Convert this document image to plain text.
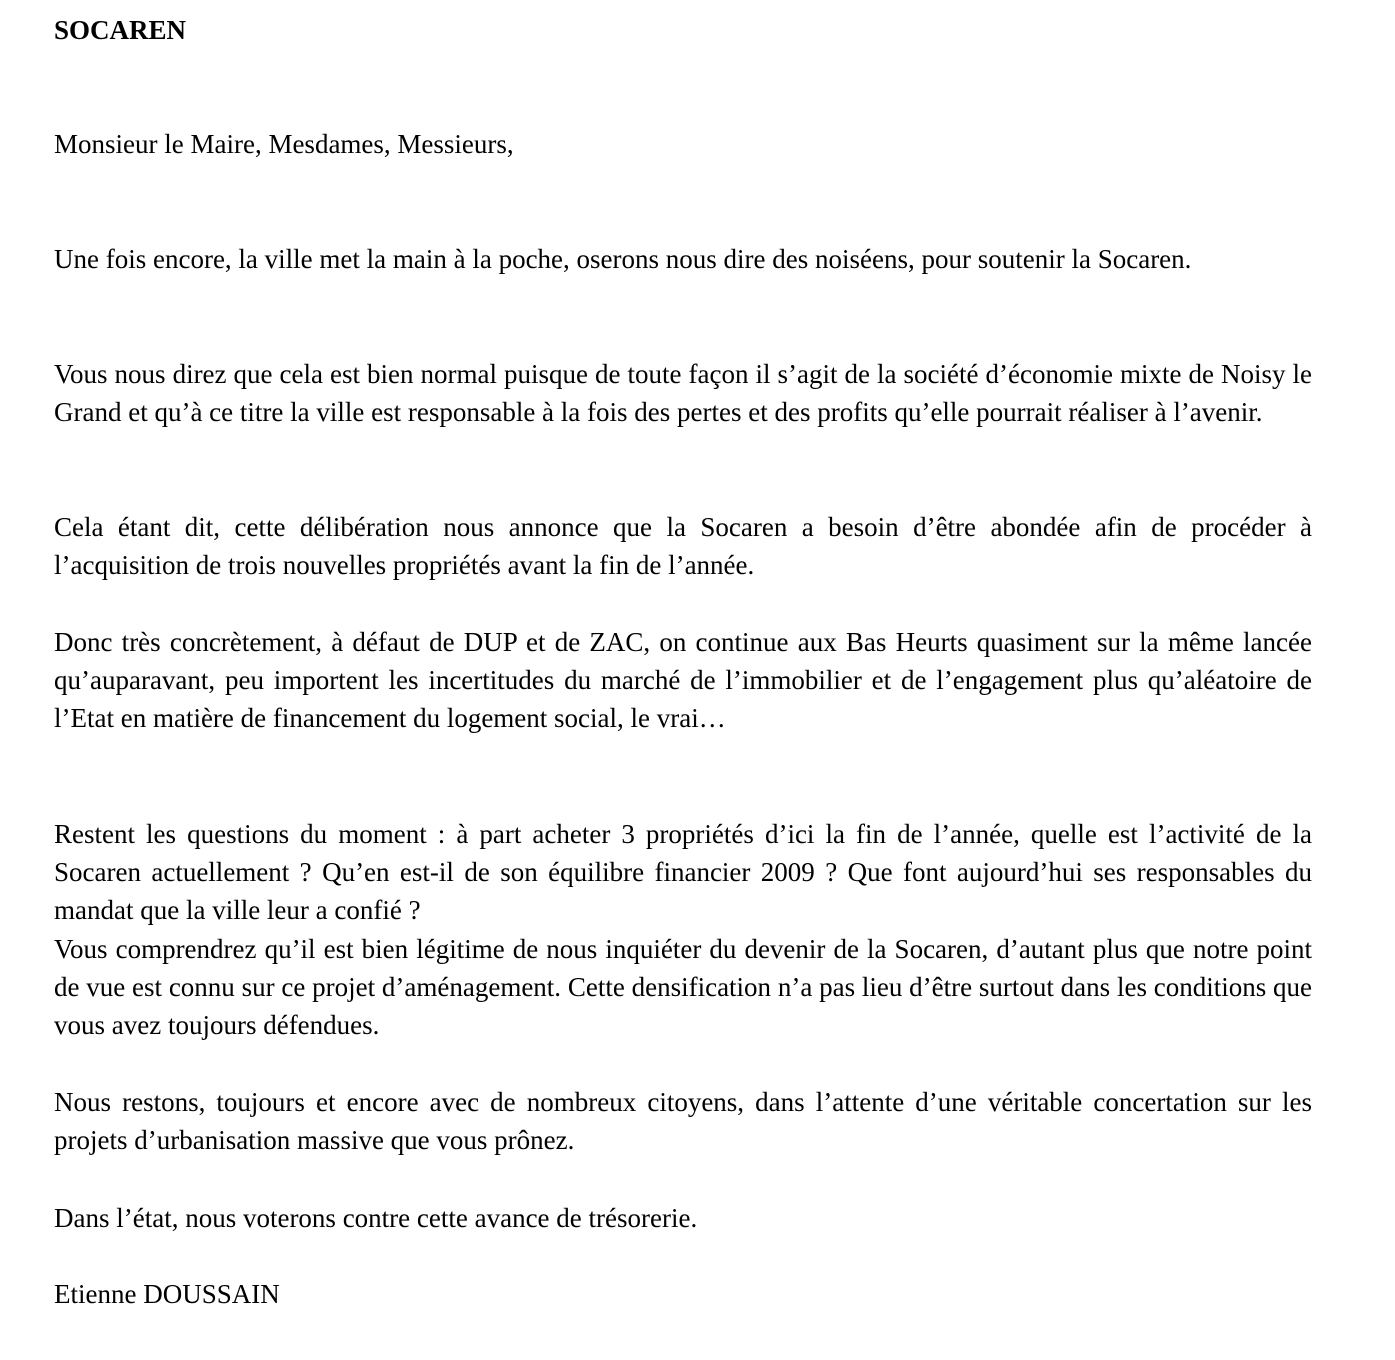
SOCAREN
Monsieur le Maire, Mesdames, Messieurs,

Une fois encore, la ville met la main à la poche, oserons nous dire des noiséens, pour soutenir la Socaren.

Vous nous direz que cela est bien normal puisque de toute façon il s’agit de la société d’économie mixte de Noisy le Grand et qu’à ce titre la ville est responsable à la fois des pertes et des profits qu’elle pourrait réaliser à l’avenir.

Cela étant dit, cette délibération nous annonce que la Socaren a besoin d’être abondée afin de procéder à l’acquisition de trois nouvelles propriétés avant la fin de l’année.

Donc très concrètement, à défaut de DUP et de ZAC, on continue aux Bas Heurts quasiment sur la même lancée qu’auparavant, peu importent les incertitudes du marché de l’immobilier et de l’engagement plus qu’aléatoire de l’Etat en matière de financement du logement social, le vrai…

Restent les questions du moment : à part acheter 3 propriétés d’ici la fin de l’année, quelle est l’activité de la Socaren actuellement ? Qu’en est-il de son équilibre financier 2009 ? Que font aujourd’hui ses responsables du mandat que la ville leur a confié ?

Vous comprendrez qu’il est bien légitime de nous inquiéter du devenir de la Socaren, d’autant plus que notre point de vue est connu sur ce projet d’aménagement. Cette densification n’a pas lieu d’être surtout dans les conditions que vous avez toujours défendues.

Nous restons, toujours et encore avec de nombreux citoyens, dans l’attente d’une véritable concertation sur les projets d’urbanisation massive que vous prônez.

Dans l’état, nous voterons contre cette avance de trésorerie.

Etienne DOUSSAIN
